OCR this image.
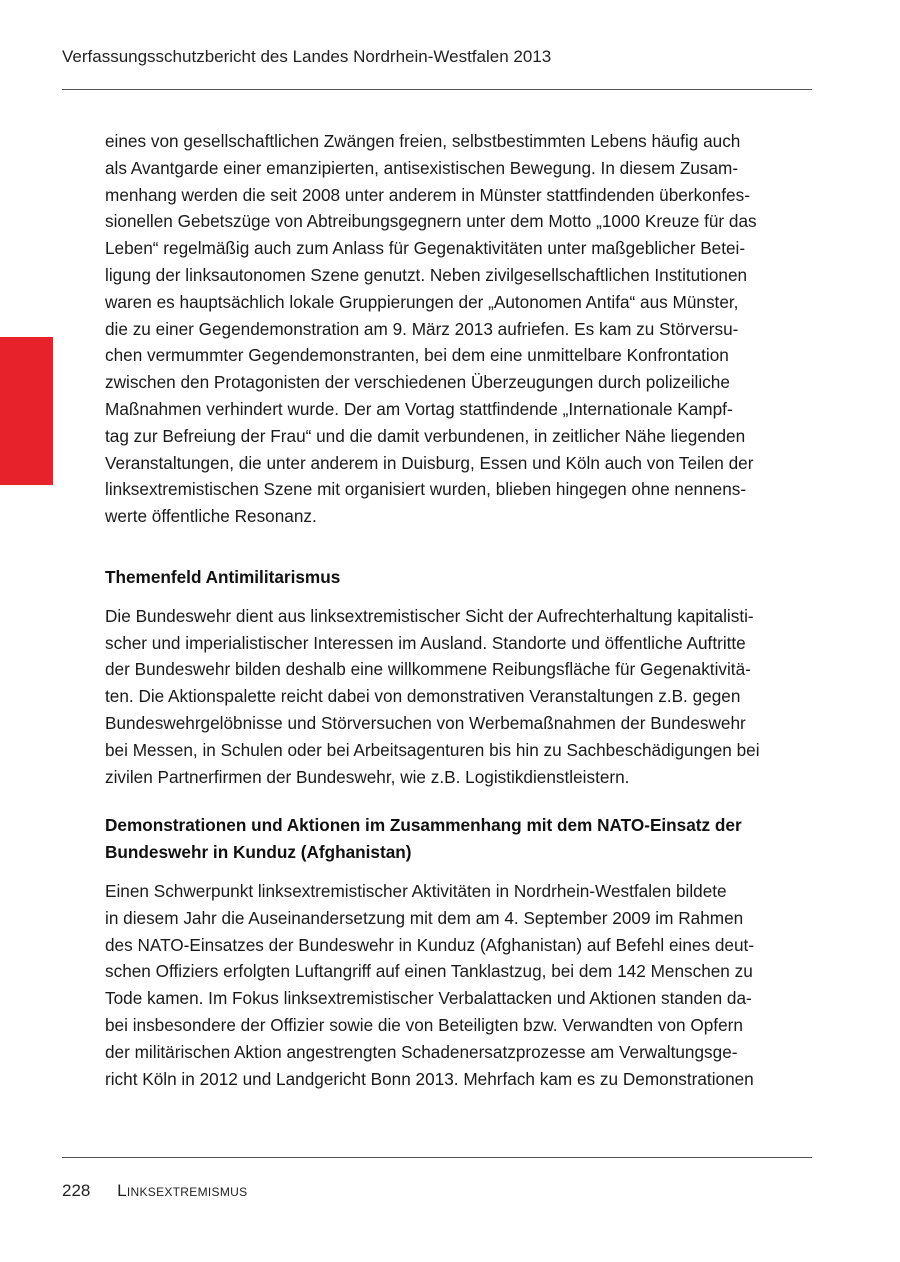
Verfassungsschutzbericht des Landes Nordrhein-Westfalen 2013
eines von gesellschaftlichen Zwängen freien, selbstbestimmten Lebens häufig auch
als Avantgarde einer emanzipierten, antisexistischen Bewegung. In diesem Zusam-
menhang werden die seit 2008 unter anderem in Münster stattfindenden überkonfes-
sionellen Gebetszüge von Abtreibungsgegnern unter dem Motto „1000 Kreuze für das
Leben“ regelmäßig auch zum Anlass für Gegenaktivitäten unter maßgeblicher Betei-
ligung der linksautonomen Szene genutzt. Neben zivilgesellschaftlichen Institutionen
waren es hauptsächlich lokale Gruppierungen der „Autonomen Antifa“ aus Münster,
die zu einer Gegendemonstration am 9. März 2013 aufriefen. Es kam zu Störversu-
chen vermummter Gegendemonstranten, bei dem eine unmittelbare Konfrontation
zwischen den Protagonisten der verschiedenen Überzeugungen durch polizeiliche
Maßnahmen verhindert wurde. Der am Vortag stattfindende „Internationale Kampf-
tag zur Befreiung der Frau“ und die damit verbundenen, in zeitlicher Nähe liegenden
Veranstaltungen, die unter anderem in Duisburg, Essen und Köln auch von Teilen der
linksextremistischen Szene mit organisiert wurden, blieben hingegen ohne nennens-
werte öffentliche Resonanz.
Themenfeld Antimilitarismus
Die Bundeswehr dient aus linksextremistischer Sicht der Aufrechterhaltung kapitalisti-
scher und imperialistischer Interessen im Ausland. Standorte und öffentliche Auftritte
der Bundeswehr bilden deshalb eine willkommene Reibungsfläche für Gegenaktivitä-
ten. Die Aktionspalette reicht dabei von demonstrativen Veranstaltungen z.B. gegen
Bundeswehrgelöbnisse und Störversuchen von Werbemaßnahmen der Bundeswehr
bei Messen, in Schulen oder bei Arbeitsagenturen bis hin zu Sachbeschädigungen bei
zivilen Partnerfirmen der Bundeswehr, wie z.B. Logistikdienstleistern.
Demonstrationen und Aktionen im Zusammenhang mit dem NATO-Einsatz der
Bundeswehr in Kunduz (Afghanistan)
Einen Schwerpunkt linksextremistischer Aktivitäten in Nordrhein-Westfalen bildete
in diesem Jahr die Auseinandersetzung mit dem am 4. September 2009 im Rahmen
des NATO-Einsatzes der Bundeswehr in Kunduz (Afghanistan) auf Befehl eines deut-
schen Offiziers erfolgten Luftangriff auf einen Tanklastzug, bei dem 142 Menschen zu
Tode kamen. Im Fokus linksextremistischer Verbalattacken und Aktionen standen da-
bei insbesondere der Offizier sowie die von Beteiligten bzw. Verwandten von Opfern
der militärischen Aktion angestrengten Schadenersatzprozesse am Verwaltungsge-
richt Köln in 2012 und Landgericht Bonn 2013. Mehrfach kam es zu Demonstrationen
228 Linksextremismus
